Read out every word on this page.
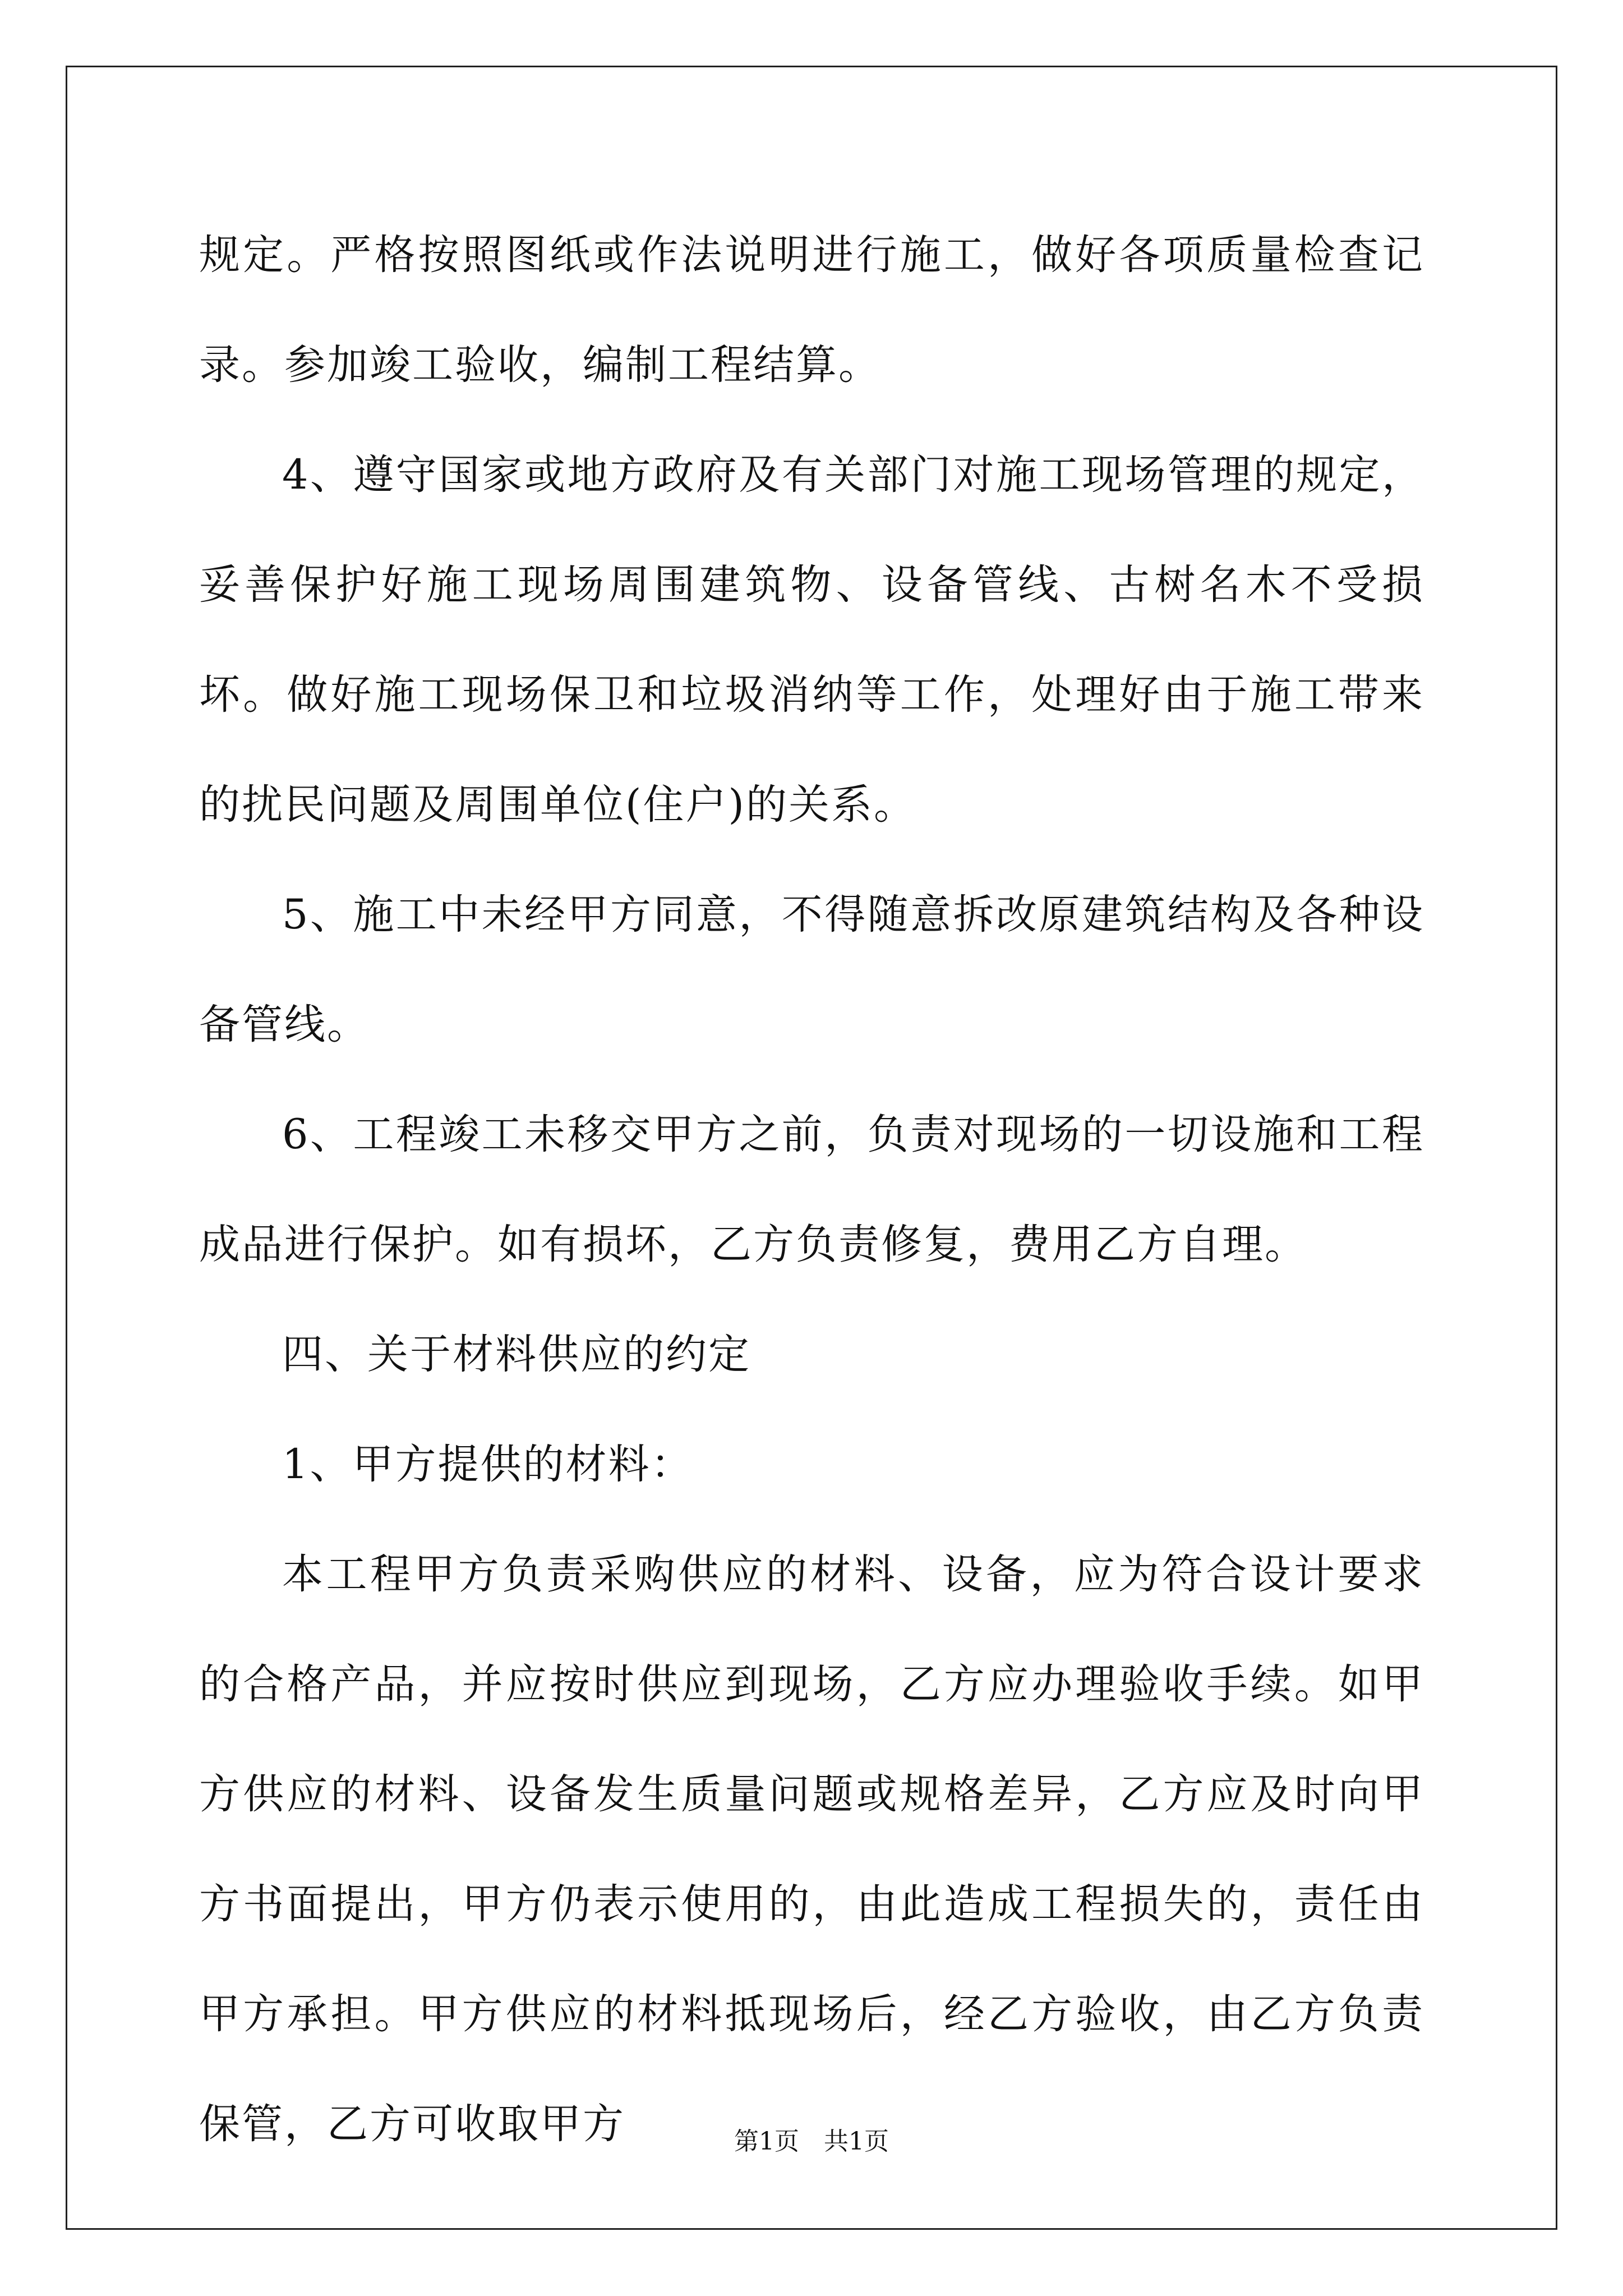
规定。严格按照图纸或作法说明进行施工，做好各项质量检查记录。参加竣工验收，编制工程结算。

4、遵守国家或地方政府及有关部门对施工现场管理的规定，妥善保护好施工现场周围建筑物、设备管线、古树名木不受损坏。做好施工现场保卫和垃圾消纳等工作，处理好由于施工带来的扰民问题及周围单位(住户)的关系。

5、施工中未经甲方同意，不得随意拆改原建筑结构及各种设备管线。

6、工程竣工未移交甲方之前，负责对现场的一切设施和工程成品进行保护。如有损坏，乙方负责修复，费用乙方自理。

四、关于材料供应的约定

1、甲方提供的材料：

本工程甲方负责采购供应的材料、设备，应为符合设计要求的合格产品，并应按时供应到现场，乙方应办理验收手续。如甲方供应的材料、设备发生质量问题或规格差异，乙方应及时向甲方书面提出，甲方仍表示使用的，由此造成工程损失的，责任由甲方承担。甲方供应的材料抵现场后，经乙方验收，由乙方负责保管，乙方可收取甲方	第1页　共1页
